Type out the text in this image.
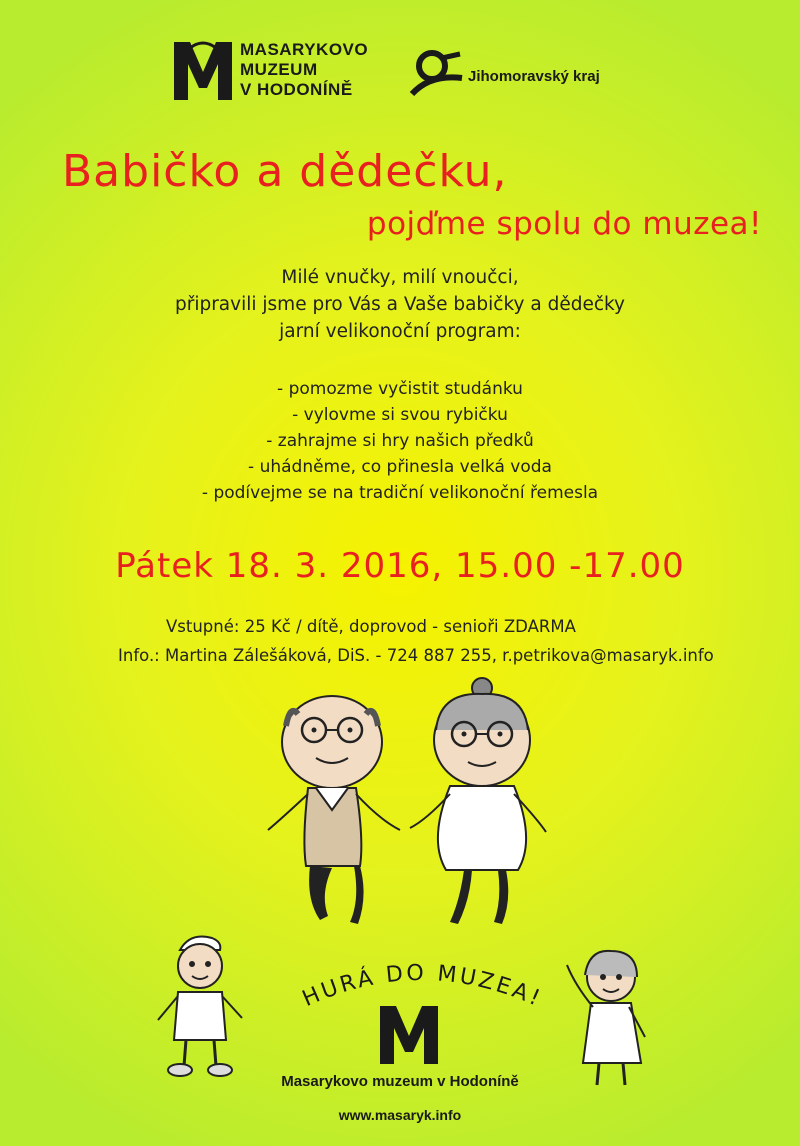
MASARYKOVO
MUZEUM
V HODONÍNĚ
Jihomoravský kraj
Babičko a dědečku,
pojďme spolu do muzea!
Milé vnučky, milí vnoučci,
připravili jsme pro Vás a Vaše babičky a dědečky
jarní velikonoční program:
- pomozme vyčistit studánku
- vylovme si svou rybičku
- zahrajme si hry našich předků
- uhádněme, co přinesla velká voda
- podívejme se na tradiční velikonoční řemesla
Pátek 18. 3. 2016, 15.00 -17.00
Vstupné: 25 Kč / dítě, doprovod - senioři ZDARMA
Info.: Martina Zálešáková, DiS. - 724 887 255, r.petrikova@masaryk.info
HURÁ DO MUZEA!
Masarykovo muzeum v Hodoníně
www.masaryk.info
